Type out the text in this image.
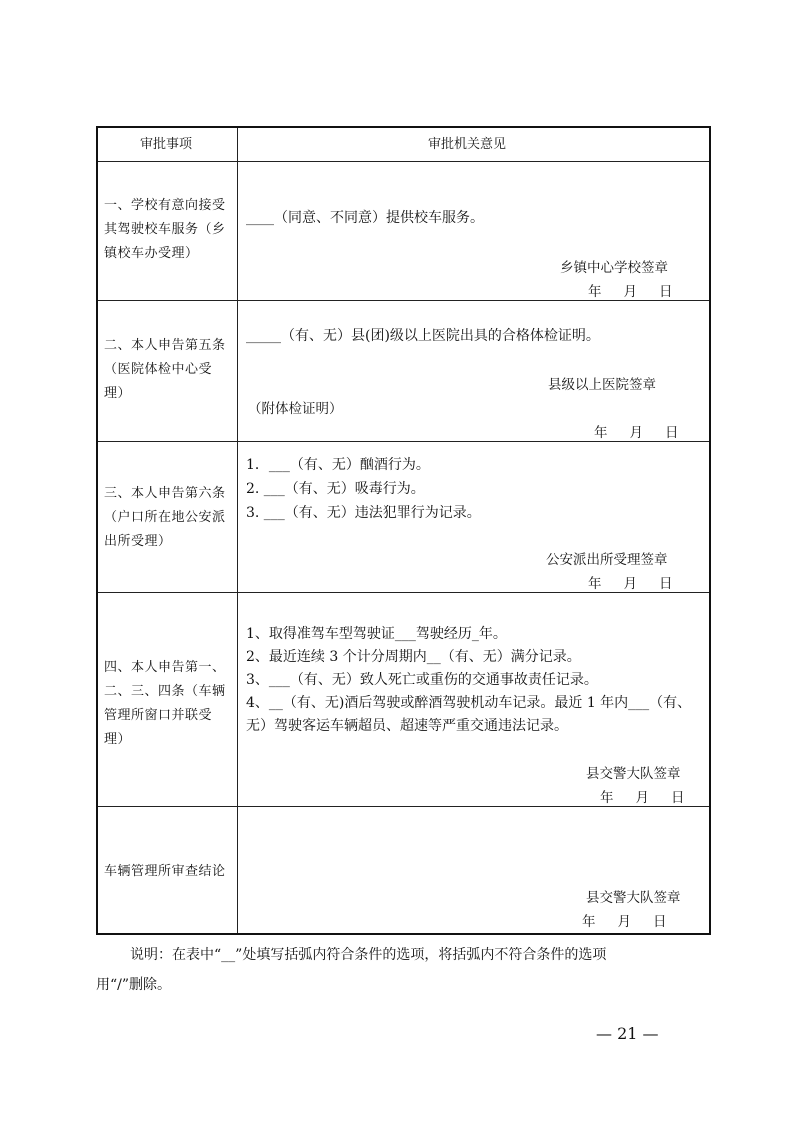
审批事项	审批机关意见
一、学校有意向接受其驾驶校车服务（乡镇校车办受理）
____（同意、不同意）提供校车服务。
乡镇中心学校签章
年 月 日
二、本人申告第五条（医院体检中心受理）
_____（有、无）县(团)级以上医院出具的合格体检证明。
县级以上医院签章
（附体检证明）
年 月 日
三、本人申告第六条（户口所在地公安派出所受理）
1．___（有、无）酗酒行为。
2. ___（有、无）吸毒行为。
3. ___（有、无）违法犯罪行为记录。
公安派出所受理签章
年 月 日
四、本人申告第一、二、三、四条（车辆管理所窗口并联受理）
1、取得准驾车型驾驶证___驾驶经历_年。
2、最近连续 3 个计分周期内__（有、无）满分记录。
3、___（有、无）致人死亡或重伤的交通事故责任记录。
4、__（有、无)酒后驾驶或醉酒驾驶机动车记录。最近 1 年内___（有、
无）驾驶客运车辆超员、超速等严重交通违法记录。
县交警大队签章
年 月 日
车辆管理所审查结论
县交警大队签章
年 月 日
说明：在表中“__”处填写括弧内符合条件的选项，将括弧内不符合条件的选项
用“/”删除。
— 21 —
